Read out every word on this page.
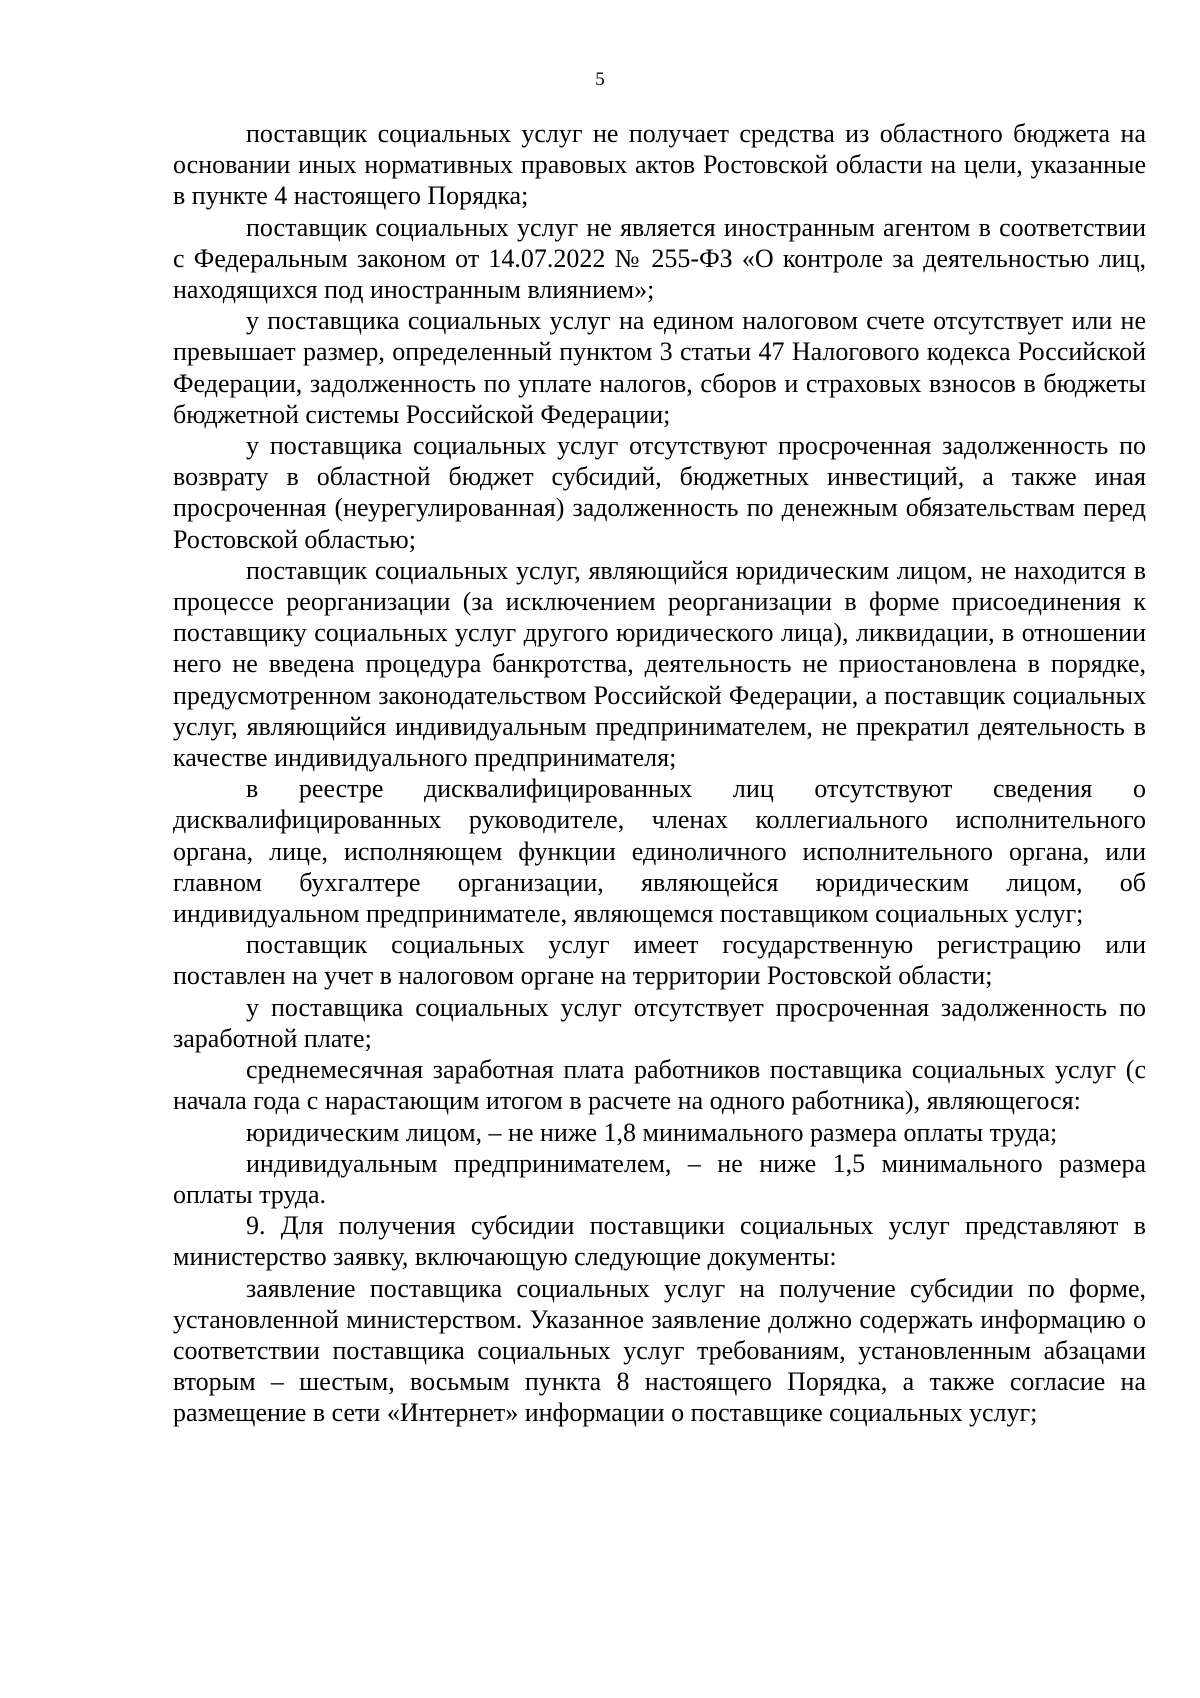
5

поставщик социальных услуг не получает средства из областного бюджета на основании иных нормативных правовых актов Ростовской области на цели, указанные в пункте 4 настоящего Порядка;

поставщик социальных услуг не является иностранным агентом в соответствии с Федеральным законом от 14.07.2022 № 255-ФЗ «О контроле за деятельностью лиц, находящихся под иностранным влиянием»;

у поставщика социальных услуг на едином налоговом счете отсутствует или не превышает размер, определенный пунктом 3 статьи 47 Налогового кодекса Российской Федерации, задолженность по уплате налогов, сборов и страховых взносов в бюджеты бюджетной системы Российской Федерации;

у поставщика социальных услуг отсутствуют просроченная задолженность по возврату в областной бюджет субсидий, бюджетных инвестиций, а также иная просроченная (неурегулированная) задолженность по денежным обязательствам перед Ростовской областью;

поставщик социальных услуг, являющийся юридическим лицом, не находится в процессе реорганизации (за исключением реорганизации в форме присоединения к поставщику социальных услуг другого юридического лица), ликвидации, в отношении него не введена процедура банкротства, деятельность не приостановлена в порядке, предусмотренном законодательством Российской Федерации, а поставщик социальных услуг, являющийся индивидуальным предпринимателем, не прекратил деятельность в качестве индивидуального предпринимателя;

в реестре дисквалифицированных лиц отсутствуют сведения о дисквалифицированных руководителе, членах коллегиального исполнительного органа, лице, исполняющем функции единоличного исполнительного органа, или главном бухгалтере организации, являющейся юридическим лицом, об индивидуальном предпринимателе, являющемся поставщиком социальных услуг;

поставщик социальных услуг имеет государственную регистрацию или поставлен на учет в налоговом органе на территории Ростовской области;

у поставщика социальных услуг отсутствует просроченная задолженность по заработной плате;

среднемесячная заработная плата работников поставщика социальных услуг (с начала года с нарастающим итогом в расчете на одного работника), являющегося:

юридическим лицом, – не ниже 1,8 минимального размера оплаты труда;

индивидуальным предпринимателем, – не ниже 1,5 минимального размера оплаты труда.

9. Для получения субсидии поставщики социальных услуг представляют в министерство заявку, включающую следующие документы:

заявление поставщика социальных услуг на получение субсидии по форме, установленной министерством. Указанное заявление должно содержать информацию о соответствии поставщика социальных услуг требованиям, установленным абзацами вторым – шестым, восьмым пункта 8 настоящего Порядка, а также согласие на размещение в сети «Интернет» информации о поставщике социальных услуг;
